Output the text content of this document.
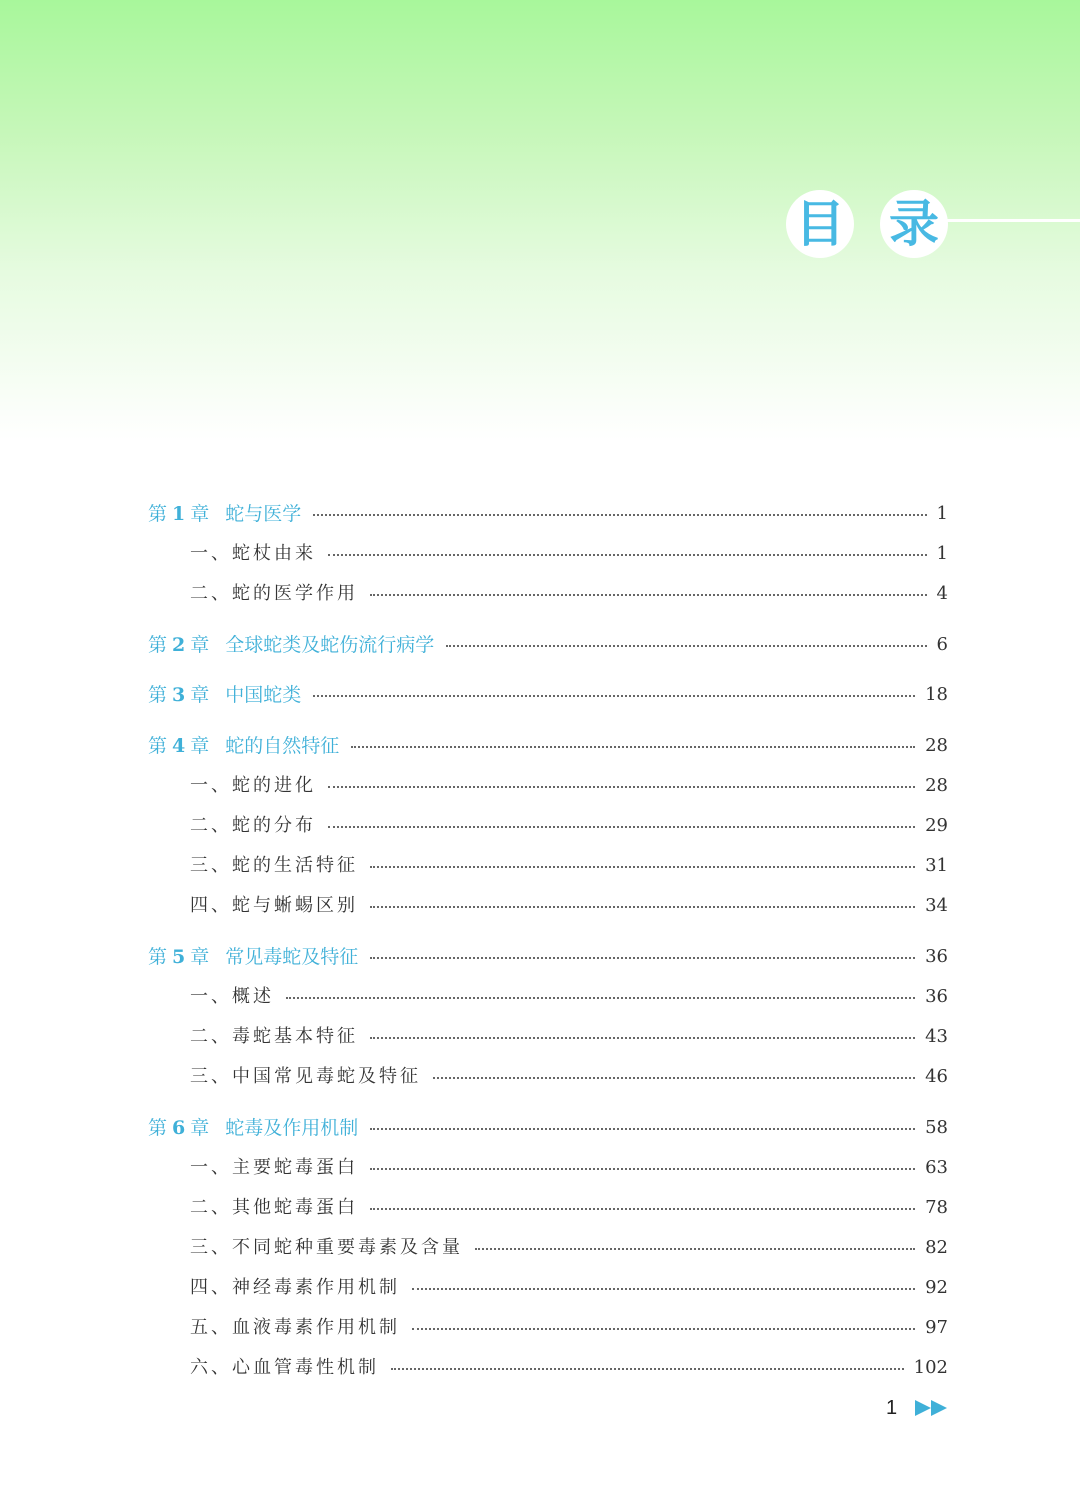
目 录
第 1 章 蛇与医学	1
一、蛇杖由来	1
二、蛇的医学作用	4
第 2 章 全球蛇类及蛇伤流行病学	6
第 3 章 中国蛇类	18
第 4 章 蛇的自然特征	28
一、蛇的进化	28
二、蛇的分布	29
三、蛇的生活特征	31
四、蛇与蜥蜴区别	34
第 5 章 常见毒蛇及特征	36
一、概述	36
二、毒蛇基本特征	43
三、中国常见毒蛇及特征	46
第 6 章 蛇毒及作用机制	58
一、主要蛇毒蛋白	63
二、其他蛇毒蛋白	78
三、不同蛇种重要毒素及含量	82
四、神经毒素作用机制	92
五、血液毒素作用机制	97
六、心血管毒性机制	102
1
